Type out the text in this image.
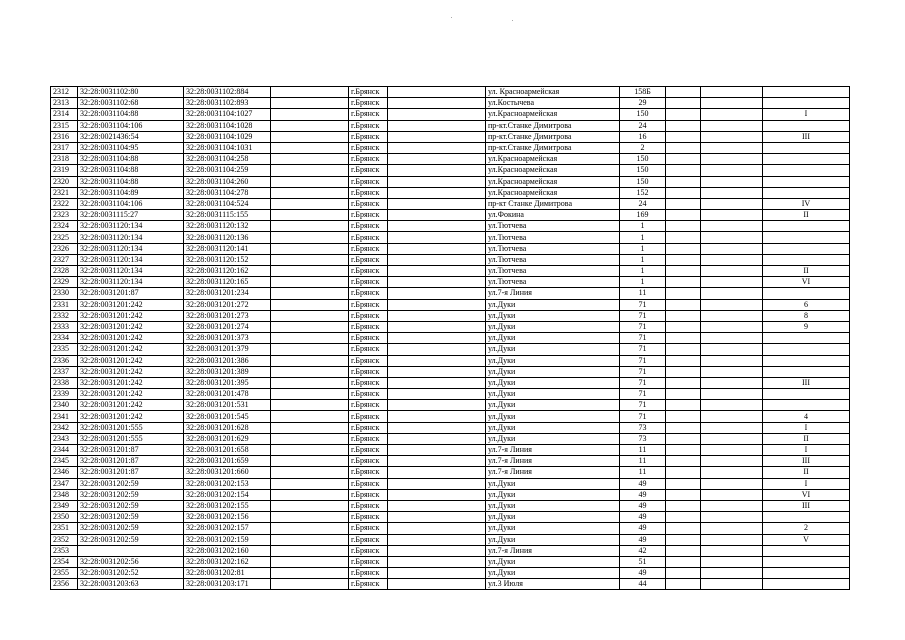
2312	32:28:0031102:80	32:28:0031102:884		г.Брянск		ул. Красноармейская	158Б			
2313	32:28:0031102:68	32:28:0031102:893		г.Брянск		ул.Костычева	29			
2314	32:28:0031104:88	32:28:0031104:1027		г.Брянск		ул.Красноармейская	150			I
2315	32:28:0031104:106	32:28:0031104:1028		г.Брянск		пр-кт.Станке Димитрова	24			
2316	32:28:0021436:54	32:28:0031104:1029		г.Брянск		пр-кт.Станке Димитрова	16			III
2317	32:28:0031104:95	32:28:0031104:1031		г.Брянск		пр-кт.Станке Димитрова	2			
2318	32:28:0031104:88	32:28:0031104:258		г.Брянск		ул.Красноармейская	150			
2319	32:28:0031104:88	32:28:0031104:259		г.Брянск		ул.Красноармейская	150			
2320	32:28:0031104:88	32:28:0031104:260		г.Брянск		ул.Красноармейская	150			
2321	32:28:0031104:89	32:28:0031104:278		г.Брянск		ул.Красноармейская	152			
2322	32:28:0031104:106	32:28:0031104:524		г.Брянск		пр-кт Станке Димитрова	24			IV
2323	32:28:0031115:27	32:28:0031115:155		г.Брянск		ул.Фокина	169			II
2324	32:28:0031120:134	32:28:0031120:132		г.Брянск		ул.Тютчева	1			
2325	32:28:0031120:134	32:28:0031120:136		г.Брянск		ул.Тютчева	1			
2326	32:28:0031120:134	32:28:0031120:141		г.Брянск		ул.Тютчева	1			
2327	32:28:0031120:134	32:28:0031120:152		г.Брянск		ул.Тютчева	1			
2328	32:28:0031120:134	32:28:0031120:162		г.Брянск		ул.Тютчева	1			II
2329	32:28:0031120:134	32:28:0031120:165		г.Брянск		ул.Тютчева	1			VI
2330	32:28:0031201:87	32:28:0031201:234		г.Брянск		ул.7-я Линия	11			
2331	32:28:0031201:242	32:28:0031201:272		г.Брянск		ул.Дуки	71			6
2332	32:28:0031201:242	32:28:0031201:273		г.Брянск		ул.Дуки	71			8
2333	32:28:0031201:242	32:28:0031201:274		г.Брянск		ул.Дуки	71			9
2334	32:28:0031201:242	32:28:0031201:373		г.Брянск		ул.Дуки	71			
2335	32:28:0031201:242	32:28:0031201:379		г.Брянск		ул.Дуки	71			
2336	32:28:0031201:242	32:28:0031201:386		г.Брянск		ул.Дуки	71			
2337	32:28:0031201:242	32:28:0031201:389		г.Брянск		ул.Дуки	71			
2338	32:28:0031201:242	32:28:0031201:395		г.Брянск		ул.Дуки	71			III
2339	32:28:0031201:242	32:28:0031201:478		г.Брянск		ул.Дуки	71			
2340	32:28:0031201:242	32:28:0031201:531		г.Брянск		ул.Дуки	71			
2341	32:28:0031201:242	32:28:0031201:545		г.Брянск		ул.Дуки	71			4
2342	32:28:0031201:555	32:28:0031201:628		г.Брянск		ул.Дуки	73			I
2343	32:28:0031201:555	32:28:0031201:629		г.Брянск		ул.Дуки	73			II
2344	32:28:0031201:87	32:28:0031201:658		г.Брянск		ул.7-я Линия	11			I
2345	32:28:0031201:87	32:28:0031201:659		г.Брянск		ул.7-я Линия	11			III
2346	32:28:0031201:87	32:28:0031201:660		г.Брянск		ул.7-я Линия	11			II
2347	32:28:0031202:59	32:28:0031202:153		г.Брянск		ул.Дуки	49			I
2348	32:28:0031202:59	32:28:0031202:154		г.Брянск		ул.Дуки	49			VI
2349	32:28:0031202:59	32:28:0031202:155		г.Брянск		ул.Дуки	49			III
2350	32:28:0031202:59	32:28:0031202:156		г.Брянск		ул.Дуки	49			
2351	32:28:0031202:59	32:28:0031202:157		г.Брянск		ул.Дуки	49			2
2352	32:28:0031202:59	32:28:0031202:159		г.Брянск		ул.Дуки	49			V
2353		32:28:0031202:160		г.Брянск		ул.7-я Линия	42			
2354	32:28:0031202:56	32:28:0031202:162		г.Брянск		ул.Дуки	51			
2355	32:28:0031202:52	32:28:0031202:81		г.Брянск		ул.Дуки	49			
2356	32:28:0031203:63	32:28:0031203:171		г.Брянск		ул.3 Июля	44			
